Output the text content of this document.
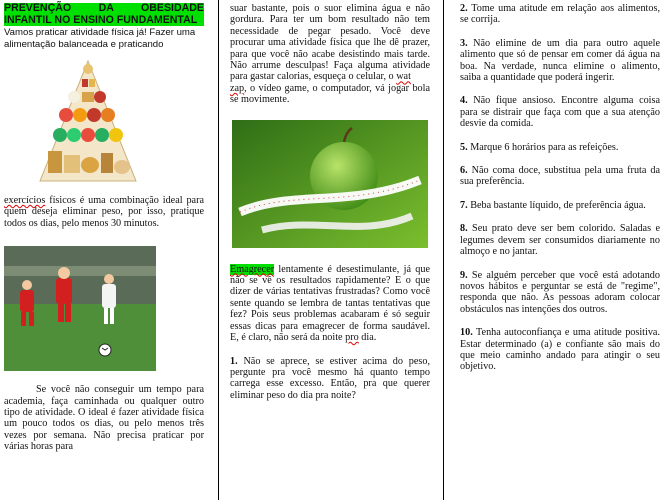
PREVENÇÃO DA OBESIDADE INFANTIL NO ENSINO FUNDAMENTAL
Vamos praticar atividade física já! Fazer uma alimentação balanceada e praticando

exercícios físicos é uma combinação ideal para quem deseja eliminar peso, por isso, pratique todos os dias, pelo menos 30 minutos.

Se você não conseguir um tempo para academia, faça caminhada ou qualquer outro tipo de atividade. O ideal é fazer atividade física um pouco todos os dias, ou pelo menos três vezes por semana. Não precisa praticar por várias horas para

suar bastante, pois o suor elimina água e não gordura. Para ter um bom resultado não tem necessidade de pegar pesado. Você deve procurar uma atividade física que lhe dê prazer, para que você não acabe desistindo mais tarde. Não arrume desculpas! Faça alguma atividade para gastar calorias, esqueça o celular, o wat
zap, o vídeo game, o computador, vá jogar bola se movimente.

Emagrecer lentamente é desestimulante, já que não se vê os resultados rapidamente? E o que dizer de várias tentativas frustradas? Como você sente quando se lembra de tantas tentativas que fez? Pois seus problemas acabaram é só seguir essas dicas para emagrecer de forma saudável. E, é claro, não será da noite pro dia.

1. Não se aprece, se estiver acima do peso, pergunte pra você mesmo há quanto tempo carrega esse excesso. Então, pra que querer eliminar peso do dia pra noite?

2. Tome uma atitude em relação aos alimentos, se corrija.

3. Não elimine de um dia para outro aquele alimento que só de pensar em comer dá água na boa. Na verdade, nunca elimine o alimento, saiba a quantidade que poderá ingerir.

4. Não fique ansioso. Encontre alguma coisa para se distrair que faça com que a sua atenção desvie da comida.

5. Marque 6 horários para as refeições.

6. Não coma doce, substitua pela uma fruta da sua preferência.

7. Beba bastante líquido, de preferência água.

8. Seu prato deve ser bem colorido. Saladas e legumes devem ser consumidos diariamente no almoço e no jantar.

9. Se alguém perceber que você está adotando novos hábitos e perguntar se está de "regime", responda que não. As pessoas adoram colocar obstáculos nas intenções dos outros.

10. Tenha autoconfiança e uma atitude positiva. Estar determinado (a) e confiante são mais do que meio caminho andado para atingir o seu objetivo.
